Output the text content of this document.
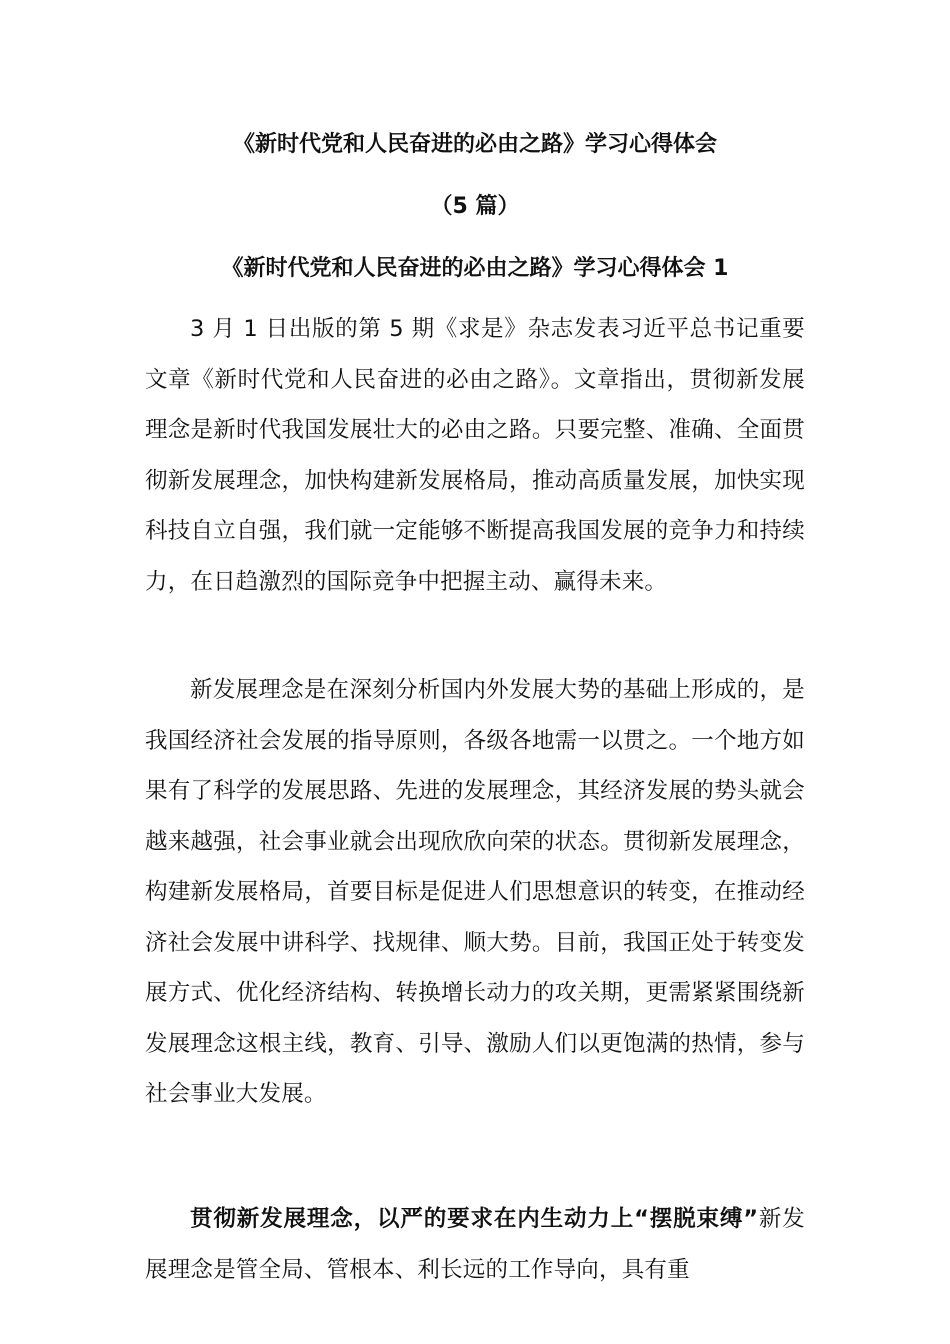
《新时代党和人民奋进的必由之路》学习心得体会
（5 篇）
《新时代党和人民奋进的必由之路》学习心得体会 1

3 月 1 日出版的第 5 期《求是》杂志发表习近平总书记重要文章《新时代党和人民奋进的必由之路》。文章指出，贯彻新发展理念是新时代我国发展壮大的必由之路。只要完整、准确、全面贯彻新发展理念，加快构建新发展格局，推动高质量发展，加快实现科技自立自强，我们就一定能够不断提高我国发展的竞争力和持续力，在日趋激烈的国际竞争中把握主动、赢得未来。

新发展理念是在深刻分析国内外发展大势的基础上形成的，是我国经济社会发展的指导原则，各级各地需一以贯之。一个地方如果有了科学的发展思路、先进的发展理念，其经济发展的势头就会越来越强，社会事业就会出现欣欣向荣的状态。贯彻新发展理念，构建新发展格局，首要目标是促进人们思想意识的转变，在推动经济社会发展中讲科学、找规律、顺大势。目前，我国正处于转变发展方式、优化经济结构、转换增长动力的攻关期，更需紧紧围绕新发展理念这根主线，教育、引导、激励人们以更饱满的热情，参与社会事业大发展。

贯彻新发展理念，以严的要求在内生动力上“摆脱束缚”新发展理念是管全局、管根本、利长远的工作导向，具有重
